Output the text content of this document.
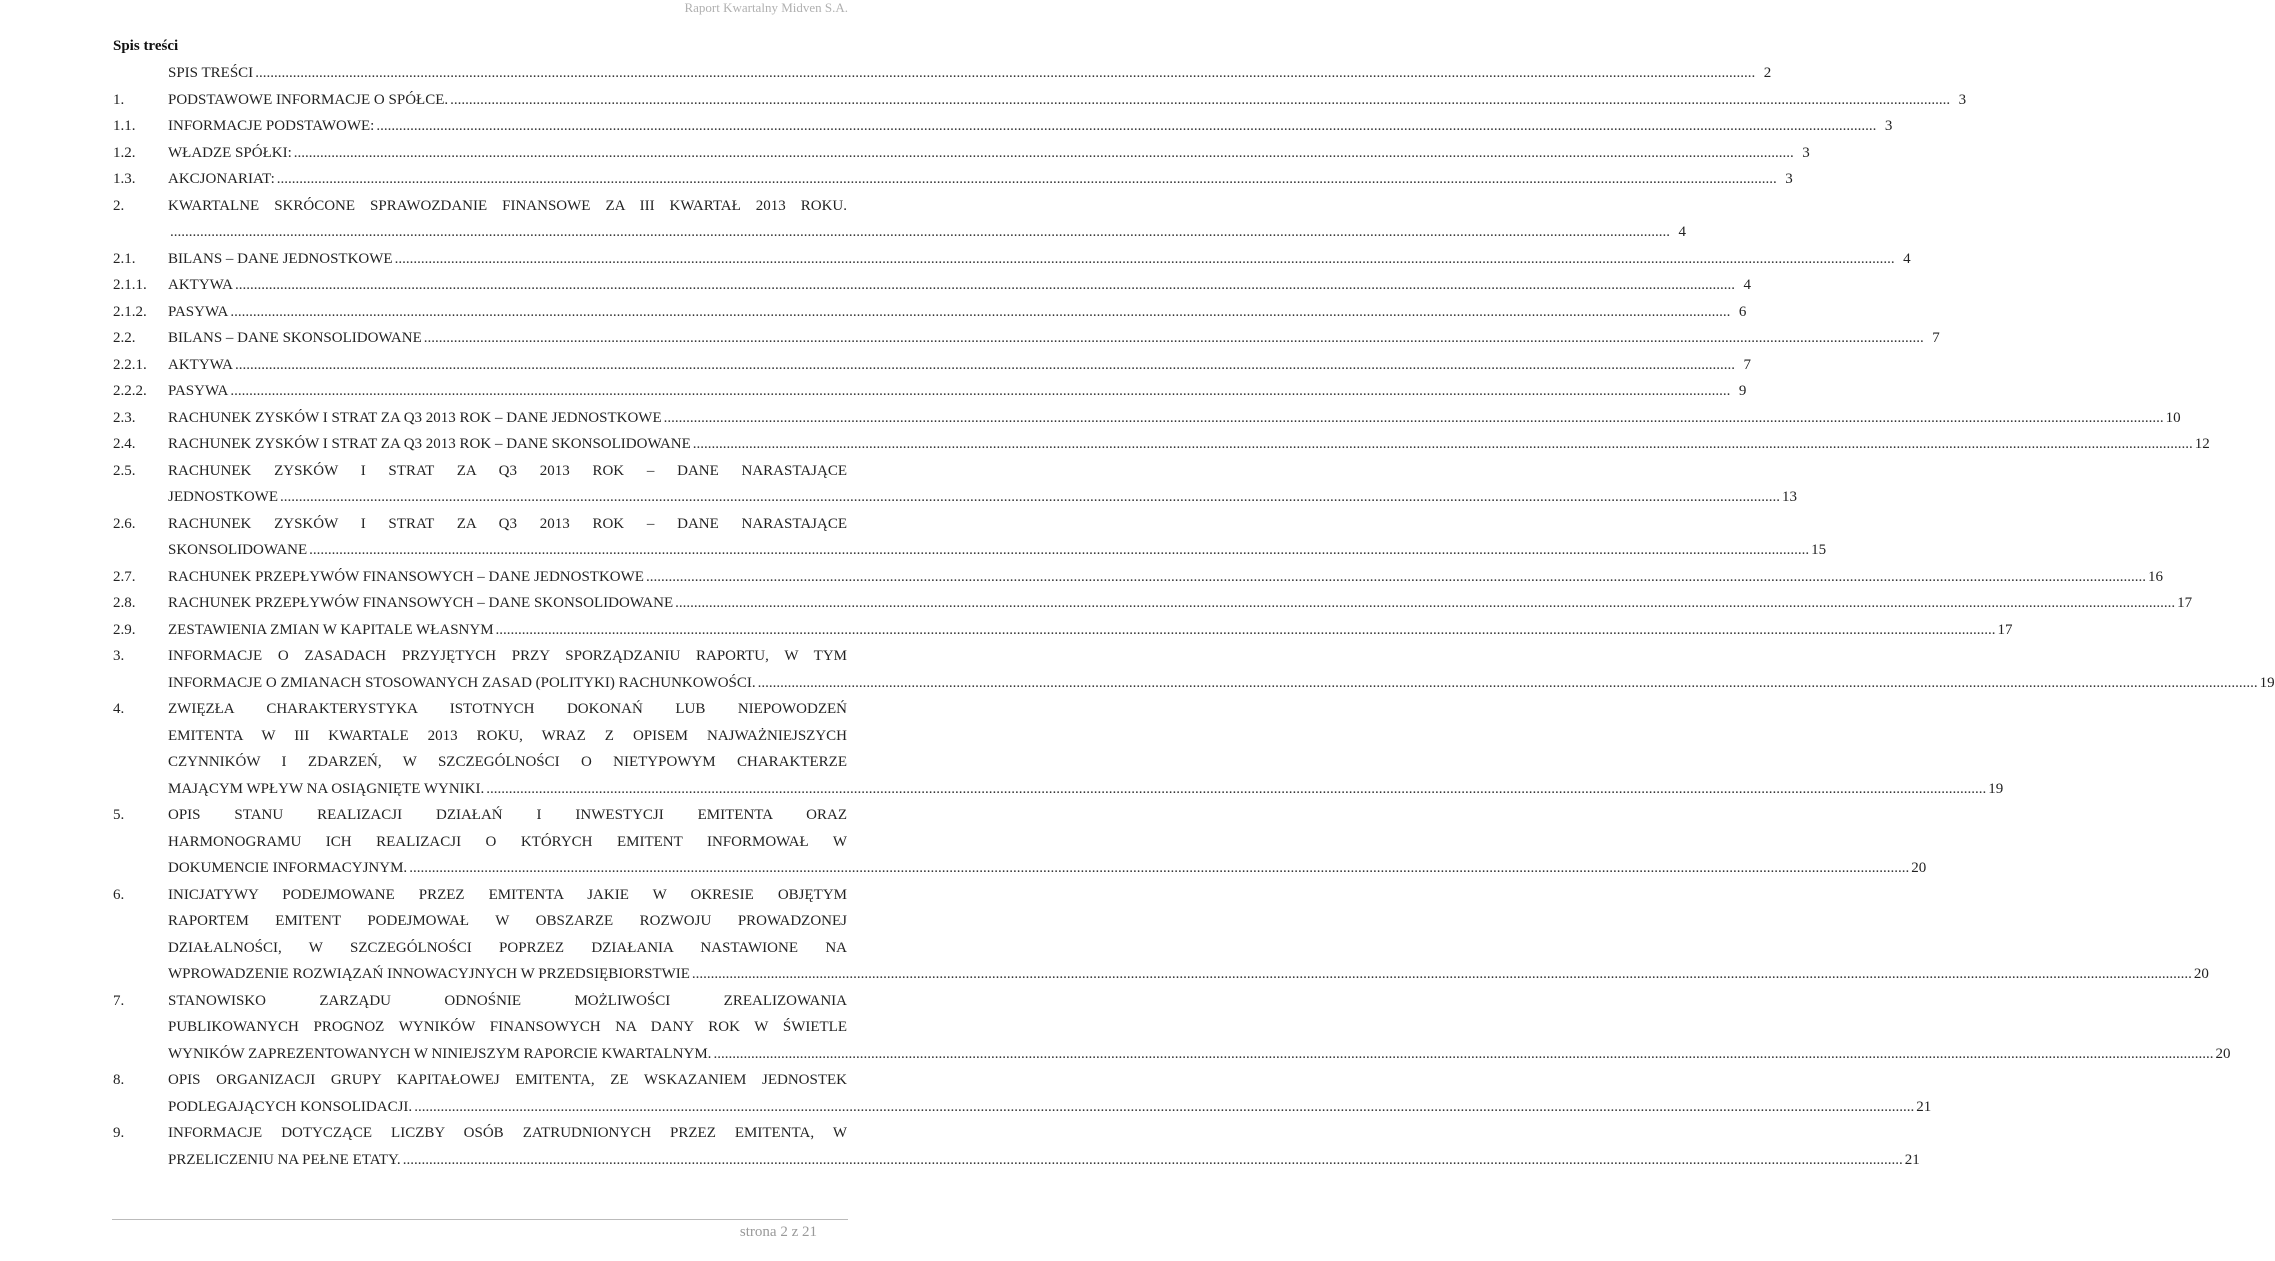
Raport Kwartalny Midven S.A.
Spis treści
SPIS TREŚCI ................................................................................................................................................................................................................................................................................................................................................................................................................ 2
1.	PODSTAWOWE INFORMACJE O SPÓŁCE. ................................................................................................................................................................................................................................................................................................................................................................................................................ 3
1.1.	INFORMACJE PODSTAWOWE: ................................................................................................................................................................................................................................................................................................................................................................................................................ 3
1.2.	WŁADZE SPÓŁKI: ................................................................................................................................................................................................................................................................................................................................................................................................................ 3
1.3.	AKCJONARIAT: ................................................................................................................................................................................................................................................................................................................................................................................................................ 3
2.	KWARTALNE SKRÓCONE SPRAWOZDANIE FINANSOWE ZA III KWARTAŁ 2013 ROKU.
................................................................................................................................................................................................................................................................................................................................................................................................................ 4
2.1.	BILANS – DANE JEDNOSTKOWE ................................................................................................................................................................................................................................................................................................................................................................................................................ 4
2.1.1.	AKTYWA ................................................................................................................................................................................................................................................................................................................................................................................................................ 4
2.1.2.	PASYWA ................................................................................................................................................................................................................................................................................................................................................................................................................ 6
2.2.	BILANS – DANE SKONSOLIDOWANE ................................................................................................................................................................................................................................................................................................................................................................................................................ 7
2.2.1.	AKTYWA ................................................................................................................................................................................................................................................................................................................................................................................................................ 7
2.2.2.	PASYWA ................................................................................................................................................................................................................................................................................................................................................................................................................ 9
2.3.	RACHUNEK ZYSKÓW I STRAT ZA Q3 2013 ROK – DANE JEDNOSTKOWE ................................................................................................................................................................................................................................................................................................................................................................................................................ 10
2.4.	RACHUNEK ZYSKÓW I STRAT ZA Q3 2013 ROK – DANE SKONSOLIDOWANE ................................................................................................................................................................................................................................................................................................................................................................................................................ 12
2.5.	RACHUNEK ZYSKÓW I STRAT ZA Q3 2013 ROK – DANE NARASTAJĄCE
JEDNOSTKOWE ................................................................................................................................................................................................................................................................................................................................................................................................................ 13
2.6.	RACHUNEK ZYSKÓW I STRAT ZA Q3 2013 ROK – DANE NARASTAJĄCE
SKONSOLIDOWANE ................................................................................................................................................................................................................................................................................................................................................................................................................ 15
2.7.	RACHUNEK PRZEPŁYWÓW FINANSOWYCH – DANE JEDNOSTKOWE ................................................................................................................................................................................................................................................................................................................................................................................................................ 16
2.8.	RACHUNEK PRZEPŁYWÓW FINANSOWYCH – DANE SKONSOLIDOWANE ................................................................................................................................................................................................................................................................................................................................................................................................................ 17
2.9.	ZESTAWIENIA ZMIAN W KAPITALE WŁASNYM ................................................................................................................................................................................................................................................................................................................................................................................................................ 17
3.	INFORMACJE O ZASADACH PRZYJĘTYCH PRZY SPORZĄDZANIU RAPORTU, W TYM
INFORMACJE O ZMIANACH STOSOWANYCH ZASAD (POLITYKI) RACHUNKOWOŚCI. ................................................................................................................................................................................................................................................................................................................................................................................................................ 19
4.	ZWIĘZŁA CHARAKTERYSTYKA ISTOTNYCH DOKONAŃ LUB NIEPOWODZEŃ
EMITENTA W III KWARTALE 2013 ROKU, WRAZ Z OPISEM NAJWAŻNIEJSZYCH
CZYNNIKÓW I ZDARZEŃ, W SZCZEGÓLNOŚCI O NIETYPOWYM CHARAKTERZE
MAJĄCYM WPŁYW NA OSIĄGNIĘTE WYNIKI. ................................................................................................................................................................................................................................................................................................................................................................................................................ 19
5.	OPIS STANU REALIZACJI DZIAŁAŃ I INWESTYCJI EMITENTA ORAZ
HARMONOGRAMU ICH REALIZACJI O KTÓRYCH EMITENT INFORMOWAŁ W
DOKUMENCIE INFORMACYJNYM. ................................................................................................................................................................................................................................................................................................................................................................................................................ 20
6.	INICJATYWY PODEJMOWANE PRZEZ EMITENTA JAKIE W OKRESIE OBJĘTYM
RAPORTEM EMITENT PODEJMOWAŁ W OBSZARZE ROZWOJU PROWADZONEJ
DZIAŁALNOŚCI, W SZCZEGÓLNOŚCI POPRZEZ DZIAŁANIA NASTAWIONE NA
WPROWADZENIE ROZWIĄZAŃ INNOWACYJNYCH W PRZEDSIĘBIORSTWIE ................................................................................................................................................................................................................................................................................................................................................................................................................ 20
7.	STANOWISKO ZARZĄDU ODNOŚNIE MOŻLIWOŚCI ZREALIZOWANIA
PUBLIKOWANYCH PROGNOZ WYNIKÓW FINANSOWYCH NA DANY ROK W ŚWIETLE
WYNIKÓW ZAPREZENTOWANYCH W NINIEJSZYM RAPORCIE KWARTALNYM. ................................................................................................................................................................................................................................................................................................................................................................................................................ 20
8.	OPIS ORGANIZACJI GRUPY KAPITAŁOWEJ EMITENTA, ZE WSKAZANIEM JEDNOSTEK
PODLEGAJĄCYCH KONSOLIDACJI. ................................................................................................................................................................................................................................................................................................................................................................................................................ 21
9.	INFORMACJE DOTYCZĄCE LICZBY OSÓB ZATRUDNIONYCH PRZEZ EMITENTA, W
PRZELICZENIU NA PEŁNE ETATY. ................................................................................................................................................................................................................................................................................................................................................................................................................ 21
strona 2 z 21
